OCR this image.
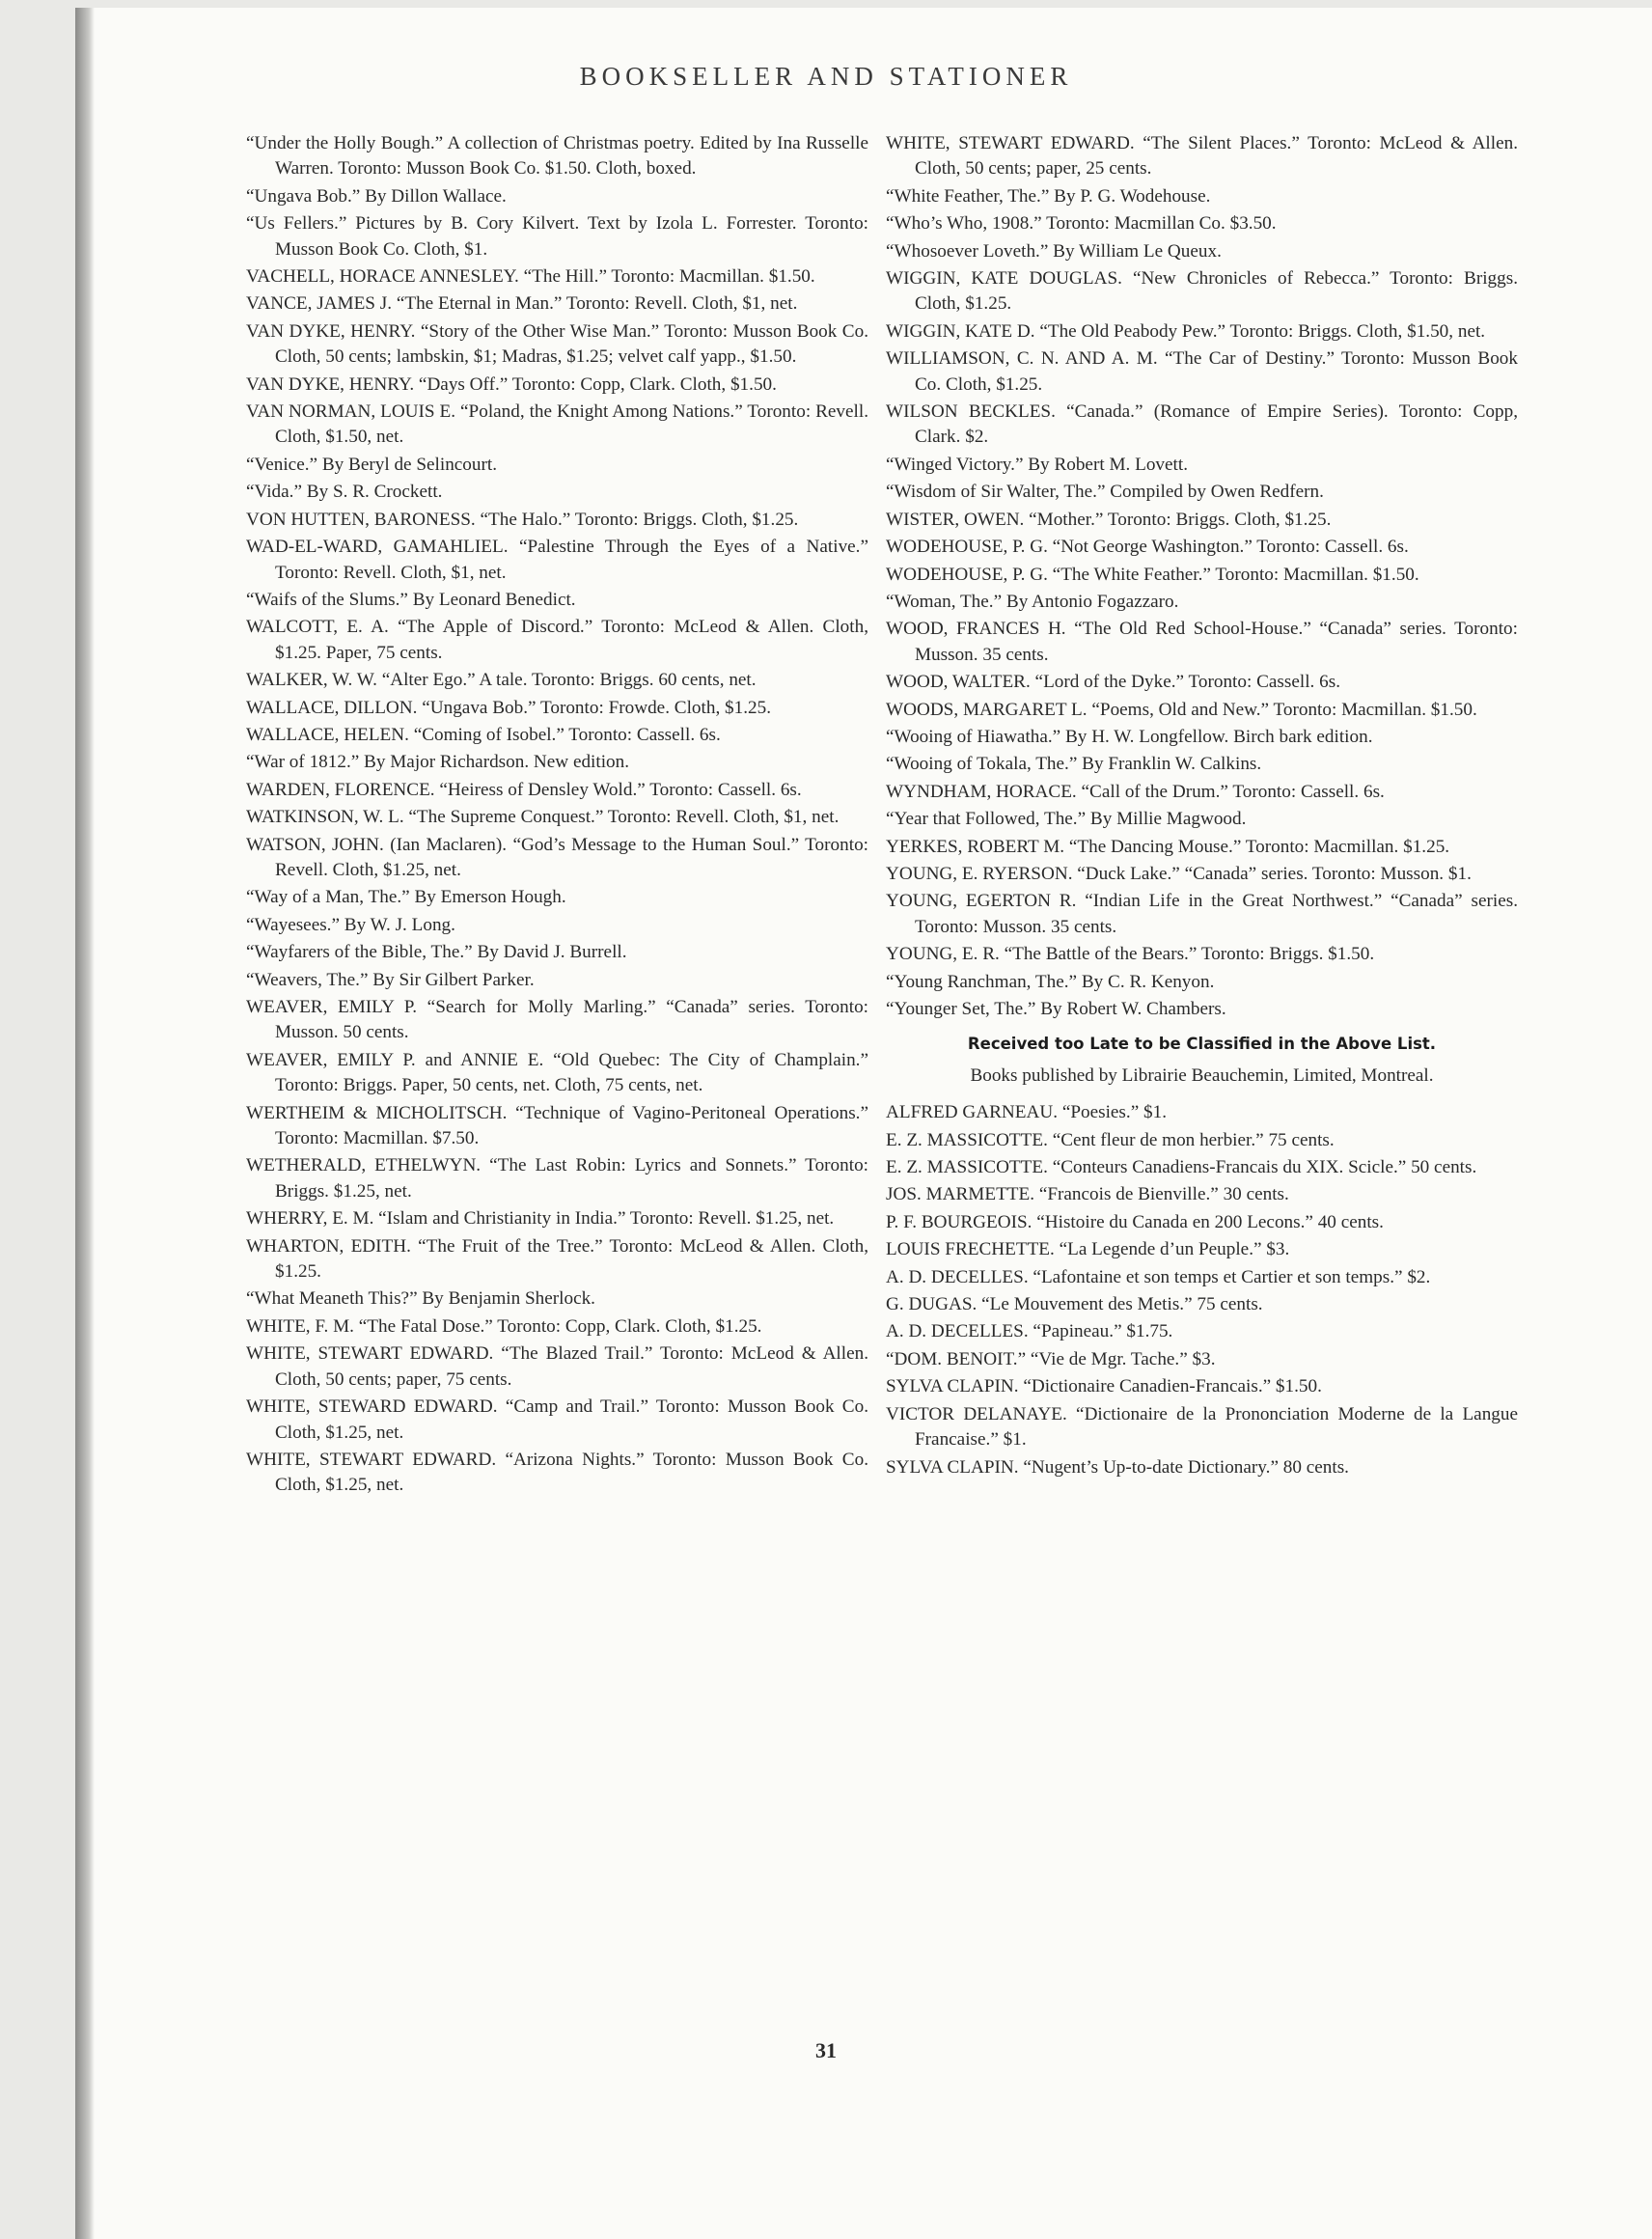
BOOKSELLER AND STATIONER
“Under the Holly Bough.” A collection of Christmas poetry. Edited by Ina Russelle Warren. Toronto: Musson Book Co. $1.50. Cloth, boxed.
“Ungava Bob.” By Dillon Wallace.
“Us Fellers.” Pictures by B. Cory Kilvert. Text by Izola L. Forrester. Toronto: Musson Book Co. Cloth, $1.
VACHELL, HORACE ANNESLEY. “The Hill.” Toronto: Macmillan. $1.50.
VANCE, JAMES J. “The Eternal in Man.” Toronto: Revell. Cloth, $1, net.
VAN DYKE, HENRY. “Story of the Other Wise Man.” Toronto: Musson Book Co. Cloth, 50 cents; lambskin, $1; Madras, $1.25; velvet calf yapp., $1.50.
VAN DYKE, HENRY. “Days Off.” Toronto: Copp, Clark. Cloth, $1.50.
VAN NORMAN, LOUIS E. “Poland, the Knight Among Nations.” Toronto: Revell. Cloth, $1.50, net.
“Venice.” By Beryl de Selincourt.
“Vida.” By S. R. Crockett.
VON HUTTEN, BARONESS. “The Halo.” Toronto: Briggs. Cloth, $1.25.
WAD-EL-WARD, GAMAHLIEL. “Palestine Through the Eyes of a Native.” Toronto: Revell. Cloth, $1, net.
“Waifs of the Slums.” By Leonard Benedict.
WALCOTT, E. A. “The Apple of Discord.” Toronto: McLeod & Allen. Cloth, $1.25. Paper, 75 cents.
WALKER, W. W. “Alter Ego.” A tale. Toronto: Briggs. 60 cents, net.
WALLACE, DILLON. “Ungava Bob.” Toronto: Frowde. Cloth, $1.25.
WALLACE, HELEN. “Coming of Isobel.” Toronto: Cassell. 6s.
“War of 1812.” By Major Richardson. New edition.
WARDEN, FLORENCE. “Heiress of Densley Wold.” Toronto: Cassell. 6s.
WATKINSON, W. L. “The Supreme Conquest.” Toronto: Revell. Cloth, $1, net.
WATSON, JOHN. (Ian Maclaren). “God’s Message to the Human Soul.” Toronto: Revell. Cloth, $1.25, net.
“Way of a Man, The.” By Emerson Hough.
“Wayesees.” By W. J. Long.
“Wayfarers of the Bible, The.” By David J. Burrell.
“Weavers, The.” By Sir Gilbert Parker.
WEAVER, EMILY P. “Search for Molly Marling.” “Canada” series. Toronto: Musson. 50 cents.
WEAVER, EMILY P. and ANNIE E. “Old Quebec: The City of Champlain.” Toronto: Briggs. Paper, 50 cents, net. Cloth, 75 cents, net.
WERTHEIM & MICHOLITSCH. “Technique of Vagino-Peritoneal Operations.” Toronto: Macmillan. $7.50.
WETHERALD, ETHELWYN. “The Last Robin: Lyrics and Sonnets.” Toronto: Briggs. $1.25, net.
WHERRY, E. M. “Islam and Christianity in India.” Toronto: Revell. $1.25, net.
WHARTON, EDITH. “The Fruit of the Tree.” Toronto: McLeod & Allen. Cloth, $1.25.
“What Meaneth This?” By Benjamin Sherlock.
WHITE, F. M. “The Fatal Dose.” Toronto: Copp, Clark. Cloth, $1.25.
WHITE, STEWART EDWARD. “The Blazed Trail.” Toronto: McLeod & Allen. Cloth, 50 cents; paper, 75 cents.
WHITE, STEWARD EDWARD. “Camp and Trail.” Toronto: Musson Book Co. Cloth, $1.25, net.
WHITE, STEWART EDWARD. “Arizona Nights.” Toronto: Musson Book Co. Cloth, $1.25, net.
WHITE, STEWART EDWARD. “The Silent Places.” Toronto: McLeod & Allen. Cloth, 50 cents; paper, 25 cents.
“White Feather, The.” By P. G. Wodehouse.
“Who’s Who, 1908.” Toronto: Macmillan Co. $3.50.
“Whosoever Loveth.” By William Le Queux.
WIGGIN, KATE DOUGLAS. “New Chronicles of Rebecca.” Toronto: Briggs. Cloth, $1.25.
WIGGIN, KATE D. “The Old Peabody Pew.” Toronto: Briggs. Cloth, $1.50, net.
WILLIAMSON, C. N. AND A. M. “The Car of Destiny.” Toronto: Musson Book Co. Cloth, $1.25.
WILSON BECKLES. “Canada.” (Romance of Empire Series). Toronto: Copp, Clark. $2.
“Winged Victory.” By Robert M. Lovett.
“Wisdom of Sir Walter, The.” Compiled by Owen Redfern.
WISTER, OWEN. “Mother.” Toronto: Briggs. Cloth, $1.25.
WODEHOUSE, P. G. “Not George Washington.” Toronto: Cassell. 6s.
WODEHOUSE, P. G. “The White Feather.” Toronto: Macmillan. $1.50.
“Woman, The.” By Antonio Fogazzaro.
WOOD, FRANCES H. “The Old Red School-House.” “Canada” series. Toronto: Musson. 35 cents.
WOOD, WALTER. “Lord of the Dyke.” Toronto: Cassell. 6s.
WOODS, MARGARET L. “Poems, Old and New.” Toronto: Macmillan. $1.50.
“Wooing of Hiawatha.” By H. W. Longfellow. Birch bark edition.
“Wooing of Tokala, The.” By Franklin W. Calkins.
WYNDHAM, HORACE. “Call of the Drum.” Toronto: Cassell. 6s.
“Year that Followed, The.” By Millie Magwood.
YERKES, ROBERT M. “The Dancing Mouse.” Toronto: Macmillan. $1.25.
YOUNG, E. RYERSON. “Duck Lake.” “Canada” series. Toronto: Musson. $1.
YOUNG, EGERTON R. “Indian Life in the Great Northwest.” “Canada” series. Toronto: Musson. 35 cents.
YOUNG, E. R. “The Battle of the Bears.” Toronto: Briggs. $1.50.
“Young Ranchman, The.” By C. R. Kenyon.
“Younger Set, The.” By Robert W. Chambers.
Received too Late to be Classified in the Above List.
Books published by Librairie Beauchemin, Limited, Montreal.
ALFRED GARNEAU. “Poesies.” $1.
E. Z. MASSICOTTE. “Cent fleur de mon herbier.” 75 cents.
E. Z. MASSICOTTE. “Conteurs Canadiens-Francais du XIX. Scicle.” 50 cents.
JOS. MARMETTE. “Francois de Bienville.” 30 cents.
P. F. BOURGEOIS. “Histoire du Canada en 200 Lecons.” 40 cents.
LOUIS FRECHETTE. “La Legende d’un Peuple.” $3.
A. D. DECELLES. “Lafontaine et son temps et Cartier et son temps.” $2.
G. DUGAS. “Le Mouvement des Metis.” 75 cents.
A. D. DECELLES. “Papineau.” $1.75.
“DOM. BENOIT.” “Vie de Mgr. Tache.” $3.
SYLVA CLAPIN. “Dictionaire Canadien-Francais.” $1.50.
VICTOR DELANAYE. “Dictionaire de la Prononciation Moderne de la Langue Francaise.” $1.
SYLVA CLAPIN. “Nugent’s Up-to-date Dictionary.” 80 cents.
31
